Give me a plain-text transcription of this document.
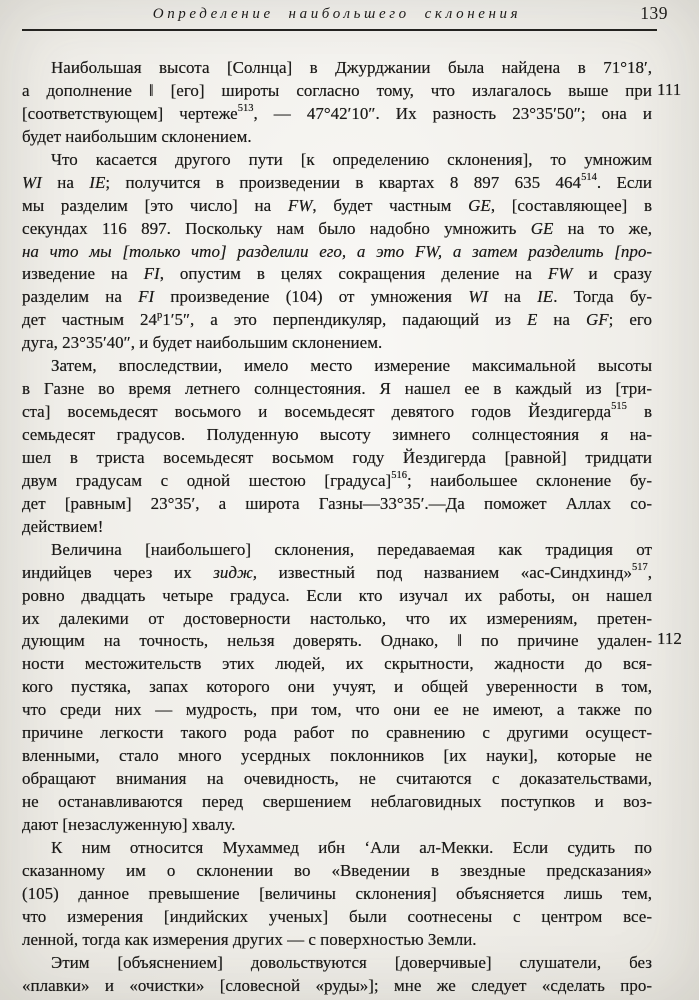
Определение наибольшего склонения	139
111
112
Наибольшая высота [Солнца] в Джурджании была найдена в 71°18′,
а дополнение ‖ [его] широты согласно тому, что излагалось выше при
[соответствующем] чертеже$^{513}$, — 47°42′10″. Их разность 23°35′50″; она и
будет наибольшим склонением.
Что касается другого пути [к определению склонения], то умножим
WI на IE; получится в произведении в квартах 8 897 635 464$^{514}$. Если
мы разделим [это число] на FW, будет частным GE, [составляющее] в
секундах 116 897. Поскольку нам было надобно умножить GE на то же,
на что мы [только что] разделили его, а это FW, а затем разделить [про-
изведение на FI, опустим в целях сокращения деление на FW и сразу
разделим на FI произведение (104) от умножения WI на IE. Тогда бу-
дет частным 24$^p$1′5″, а это перпендикуляр, падающий из E на GF; его
дуга, 23°35′40″, и будет наибольшим склонением.
Затем, впоследствии, имело место измерение максимальной высоты
в Газне во время летнего солнцестояния. Я нашел ее в каждый из [три-
ста] восемьдесят восьмого и восемьдесят девятого годов Йездигерда$^{515}$ в
семьдесят градусов. Полуденную высоту зимнего солнцестояния я на-
шел в триста восемьдесят восьмом году Йездигерда [равной] тридцати
двум градусам с одной шестою [градуса]$^{516}$; наибольшее склонение бу-
дет [равным] 23°35′, а широта Газны—33°35′.—Да поможет Аллах со-
действием!
Величина [наибольшего] склонения, передаваемая как традиция от
индийцев через их зидж, известный под названием «ас-Синдхинд»$^{517}$,
ровно двадцать четыре градуса. Если кто изучал их работы, он нашел
их далекими от достоверности настолько, что их измерениям, претен-
дующим на точность, нельзя доверять. Однако, ‖ по причине удален-
ности местожительств этих людей, их скрытности, жадности до вся-
кого пустяка, запах которого они учуят, и общей уверенности в том,
что среди них — мудрость, при том, что они ее не имеют, а также по
причине легкости такого рода работ по сравнению с другими осущест-
вленными, стало много усердных поклонников [их науки], которые не
обращают внимания на очевидность, не считаются с доказательствами,
не останавливаются перед свершением неблаговидных поступков и воз-
дают [незаслуженную] хвалу.
К ним относится Мухаммед ибн ‘Али ал-Мекки. Если судить по
сказанному им о склонении во «Введении в звездные предсказания»
(105) данное превышение [величины склонения] объясняется лишь тем,
что измерения [индийских ученых] были соотнесены с центром все-
ленной, тогда как измерения других — с поверхностью Земли.
Этим [объяснением] довольствуются [доверчивые] слушатели, без
«плавки» и «очистки» [словесной «руды»]; мне же следует «сделать про-
